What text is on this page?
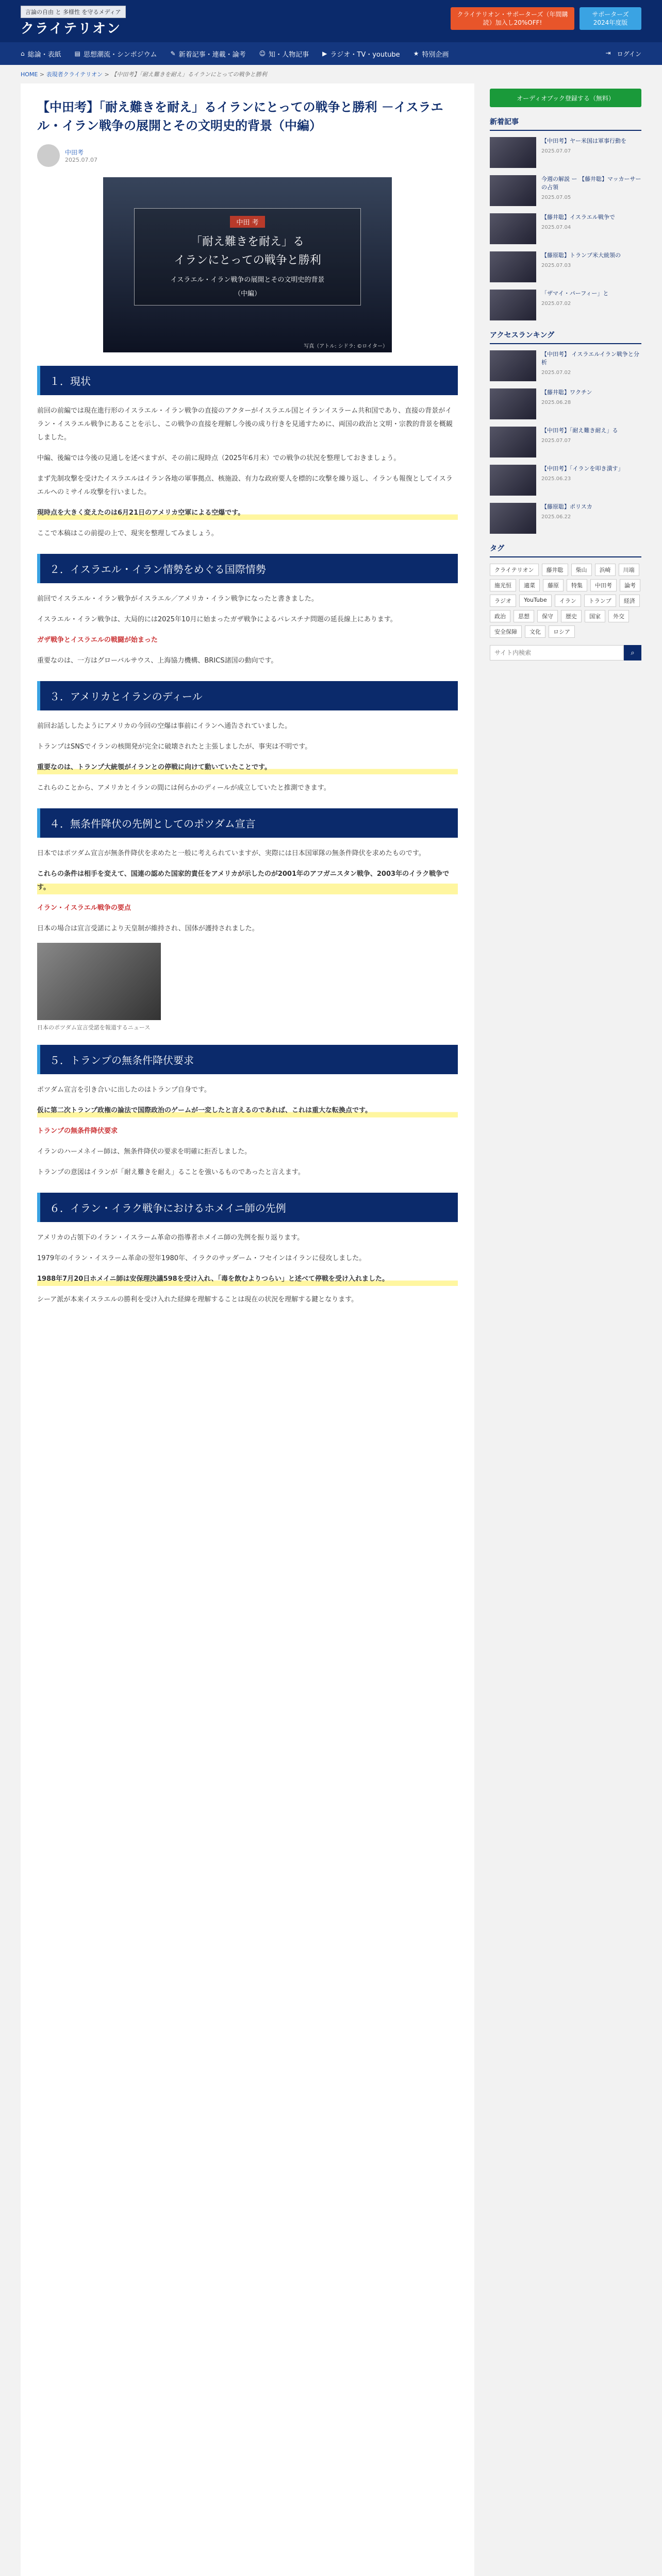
言論の自由 と 多様性 を守るメディア
クライテリオン
クライテリオン・サポーターズ（年間購読）加入し20%OFF!
サポーターズ 2024年度版
⌂ 総論・表紙 ▤ 思想潮流・シンポジウム ✎ 新着記事・連載・論考 ☺ 知・人物記事 ▶ ラジオ・TV・youtube ★ 特別企画	⇥ ログイン
HOME > 表現者クライテリオン > 【中田考】「耐え難きを耐え」るイランにとっての戦争と勝利
【中田考】「耐え難きを耐え」るイランにとっての戦争と勝利 －イスラエル・イラン戦争の展開とその文明史的背景（中編）
中田考
2025.07.07
中田 考
「耐え難きを耐え」る
イランにとっての戦争と勝利
イスラエル・イラン戦争の展開とその文明史的背景
（中編）
写真（アトル: シドラ: ©ロイター）
１．現状

前回の前編では現在進行形のイスラエル・イラン戦争の直接のアクターがイスラエル国とイランイスラーム共和国であり、直接の背景がイラン・イスラエル戦争にあることを示し、この戦争の直接を理解し今後の成り行きを見通すために、両国の政治と文明・宗教的背景を概観しました。

中編、後編では今後の見通しを述べますが、その前に現時点（2025年6月末）での戦争の状況を整理しておきましょう。

まず先制攻撃を受けたイスラエルはイラン各地の軍事拠点、核施設、有力な政府要人を標的に攻撃を繰り返し、イランも報復としてイスラエルへのミサイル攻撃を行いました。

現時点を大きく変えたのは6月21日のアメリカ空軍による空爆です。

ここで本稿はこの前提の上で、現実を整理してみましょう。

２．イスラエル・イラン情勢をめぐる国際情勢

前回でイスラエル・イラン戦争がイスラエル／アメリカ・イラン戦争になったと書きました。

イスラエル・イラン戦争は、大局的には2025年10月に始まったガザ戦争によるパレスチナ問題の延長線上にあります。

ガザ戦争とイスラエルの戦闘が始まった

重要なのは、一方はグローバルサウス、上海協力機構、BRICS諸国の動向です。

３．アメリカとイランのディール

前回お話ししたようにアメリカの今回の空爆は事前にイランへ通告されていました。

トランプはSNSでイランの核開発が完全に破壊されたと主張しましたが、事実は不明です。

重要なのは、トランプ大統領がイランとの停戦に向けて動いていたことです。

これらのことから、アメリカとイランの間には何らかのディールが成立していたと推測できます。

４．無条件降伏の先例としてのポツダム宣言

日本ではポツダム宣言が無条件降伏を求めたと一般に考えられていますが、実際には日本国軍隊の無条件降伏を求めたものです。

これらの条件は相手を変えて、国連の認めた国家的責任をアメリカが示したのが2001年のアフガニスタン戦争、2003年のイラク戦争です。

イラン・イスラエル戦争の要点

日本の場合は宣言受諾により天皇制が維持され、国体が護持されました。

日本のポツダム宣言受諾を報道するニュース
５．トランプの無条件降伏要求

ポツダム宣言を引き合いに出したのはトランプ自身です。

仮に第二次トランプ政権の論法で国際政治のゲームが一変したと言えるのであれば、これは重大な転換点です。

トランプの無条件降伏要求

イランのハーメネイー師は、無条件降伏の要求を明確に拒否しました。

トランプの意図はイランが「耐え難きを耐え」ることを強いるものであったと言えます。

６．イラン・イラク戦争におけるホメイニ師の先例

アメリカの占領下のイラン・イスラーム革命の指導者ホメイニ師の先例を振り返ります。

1979年のイラン・イスラーム革命の翌年1980年、イラクのサッダーム・フセインはイランに侵攻しました。

1988年7月20日ホメイニ師は安保理決議598を受け入れ、「毒を飲むよりつらい」と述べて停戦を受け入れました。

シーア派が本来イスラエルの勝利を受け入れた経緯を理解することは現在の状況を理解する鍵となります。

オーディオブック登録する（無料）
新着記事
【中田考】ヤー米国は軍事行動を
2025.07.07
今週の解説 ー 【藤井聡】マッカーサーの占領
2025.07.05
【藤井聡】イスラエル戦争で
2025.07.04
【藤原聡】トランプ米大統領の
2025.07.03
「ザマイ・パーフィー」と
2025.07.02
アクセスランキング
【中田考】 イスラエルイラン戦争と分析
2025.07.02
【藤井聡】ワクチン
2025.06.28
【中田考】「耐え難き耐え」る
2025.07.07
【中田考】「イランを叩き潰す」
2025.06.23
【藤原聡】ポリスカ
2025.06.22
タグ
クライテリオン	藤井聡	柴山	浜崎	川端
施光恒	適菜	藤原	特集	中田考	論考
ラジオ	YouTube	イラン	トランプ	経済
政治	思想	保守	歴史	国家	外交
安全保障	文化	ロシア
サイト内検索
⌕
